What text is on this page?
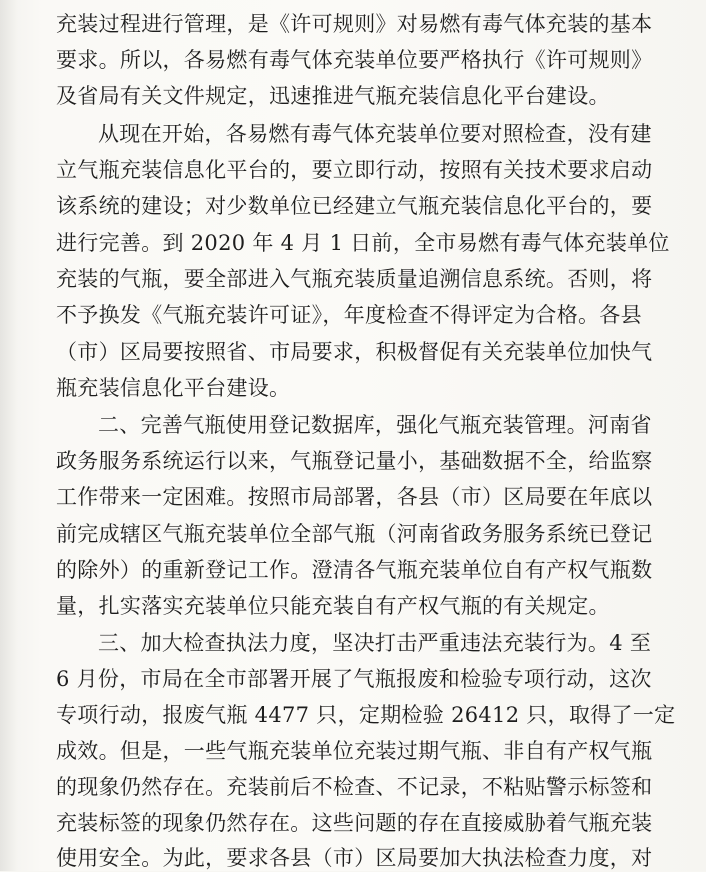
充装过程进行管理，是《许可规则》对易燃有毒气体充装的基本
要求。所以，各易燃有毒气体充装单位要严格执行《许可规则》
及省局有关文件规定，迅速推进气瓶充装信息化平台建设。
从现在开始，各易燃有毒气体充装单位要对照检查，没有建
立气瓶充装信息化平台的，要立即行动，按照有关技术要求启动
该系统的建设；对少数单位已经建立气瓶充装信息化平台的，要
进行完善。到 2020 年 4 月 1 日前，全市易燃有毒气体充装单位
充装的气瓶，要全部进入气瓶充装质量追溯信息系统。否则，将
不予换发《气瓶充装许可证》，年度检查不得评定为合格。各县
（市）区局要按照省、市局要求，积极督促有关充装单位加快气
瓶充装信息化平台建设。
二、完善气瓶使用登记数据库，强化气瓶充装管理。河南省
政务服务系统运行以来，气瓶登记量小，基础数据不全，给监察
工作带来一定困难。按照市局部署，各县（市）区局要在年底以
前完成辖区气瓶充装单位全部气瓶（河南省政务服务系统已登记
的除外）的重新登记工作。澄清各气瓶充装单位自有产权气瓶数
量，扎实落实充装单位只能充装自有产权气瓶的有关规定。
三、加大检查执法力度，坚决打击严重违法充装行为。4 至
6 月份，市局在全市部署开展了气瓶报废和检验专项行动，这次
专项行动，报废气瓶 4477 只，定期检验 26412 只，取得了一定
成效。但是，一些气瓶充装单位充装过期气瓶、非自有产权气瓶
的现象仍然存在。充装前后不检查、不记录，不粘贴警示标签和
充装标签的现象仍然存在。这些问题的存在直接威胁着气瓶充装
使用安全。为此，要求各县（市）区局要加大执法检查力度，对
